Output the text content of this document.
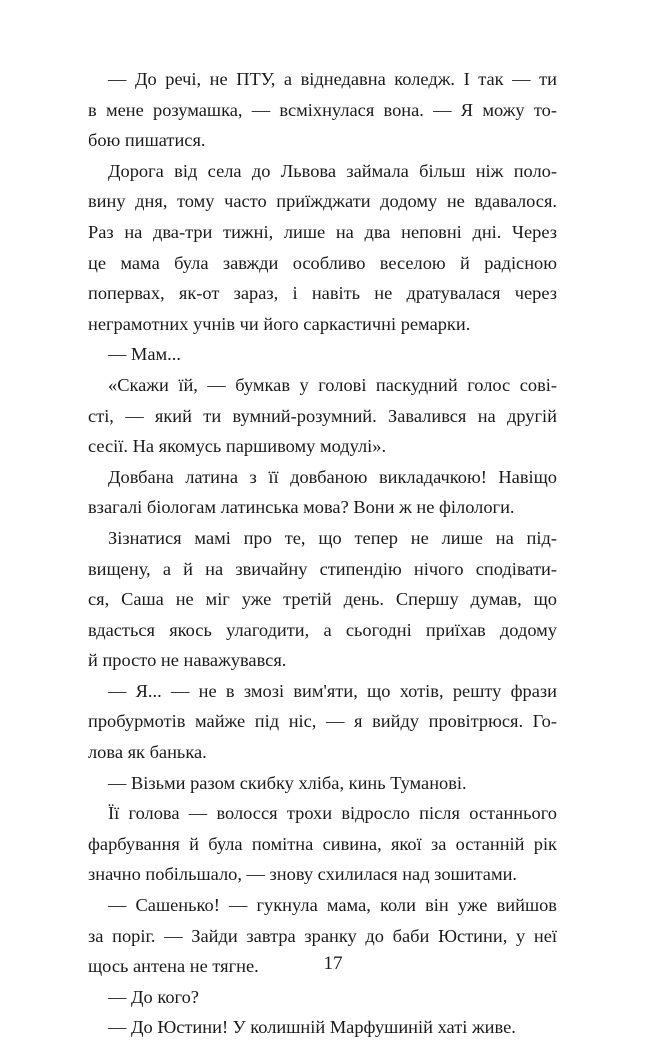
— До речі, не ПТУ, а віднедавна коледж. І так — ти
в мене розумашка, — всміхнулася вона. — Я можу то-
бою пишатися.
Дорога від села до Львова займала більш ніж поло-
вину дня, тому часто приїжджати додому не вдавалося.
Раз на два-три тижні, лише на два неповні дні. Через
це мама була завжди особливо веселою й радісною
попервах, як-от зараз, і навіть не дратувалася через
неграмотних учнів чи його саркастичні ремарки.
— Мам...
«Скажи їй, — бумкав у голові паскудний голос сові-
сті, — який ти вумний-розумний. Завалився на другій
сесії. На якомусь паршивому модулі».
Довбана латина з її довбаною викладачкою! Навіщо
взагалі біологам латинська мова? Вони ж не філологи.
Зізнатися мамі про те, що тепер не лише на під-
вищену, а й на звичайну стипендію нічого сподівати-
ся, Саша не міг уже третій день. Спершу думав, що
вдасться якось улагодити, а сьогодні приїхав додому
й просто не наважувався.
— Я... — не в змозі вим'яти, що хотів, решту фрази
пробурмотів майже під ніс, — я вийду провітрюся. Го-
лова як банька.
— Візьми разом скибку хліба, кинь Туманові.
Її голова — волосся трохи відросло після останнього
фарбування й була помітна сивина, якої за останній рік
значно побільшало, — знову схилилася над зошитами.
— Сашенько! — гукнула мама, коли він уже вийшов
за поріг. — Зайди завтра зранку до баби Юстини, у неї
щось антена не тягне.
— До кого?
— До Юстини! У колишній Марфушиній хаті живе.
17
